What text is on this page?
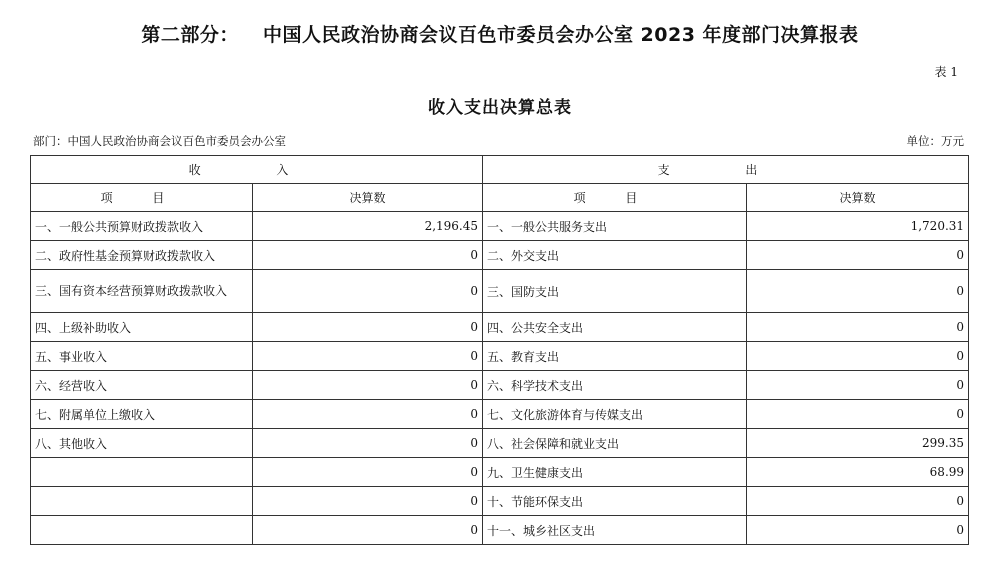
第二部分： 中国人民政治协商会议百色市委员会办公室 2023 年度部门决算报表
表 1
收入支出决算总表
部门：中国人民政治协商会议百色市委员会办公室	单位：万元
收 入		支 出	
项 目	决算数	项 目	决算数
一、一般公共预算财政拨款收入	2,196.45	一、一般公共服务支出	1,720.31
二、政府性基金预算财政拨款收入	0	二、外交支出	0
三、国有资本经营预算财政拨款收入	0	三、国防支出	0
四、上级补助收入	0	四、公共安全支出	0
五、事业收入	0	五、教育支出	0
六、经营收入	0	六、科学技术支出	0
七、附属单位上缴收入	0	七、文化旅游体育与传媒支出	0
八、其他收入	0	八、社会保障和就业支出	299.35
	0	九、卫生健康支出	68.99
	0	十、节能环保支出	0
	0	十一、城乡社区支出	0
